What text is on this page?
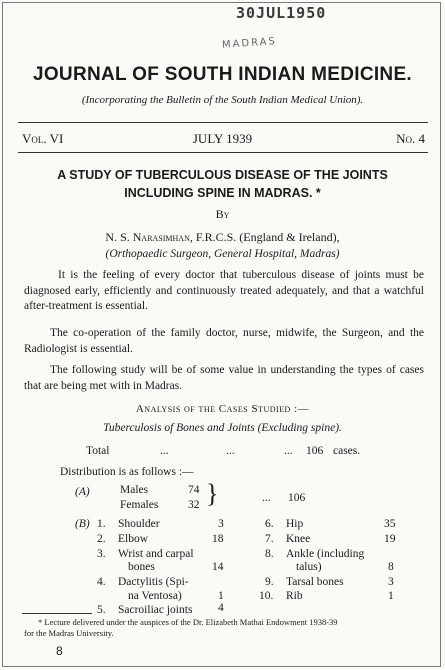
30JUL1950
MADRAS
JOURNAL OF SOUTH INDIAN MEDICINE.
(Incorporating the Bulletin of the South Indian Medical Union).
Vol. VI	JULY 1939	No. 4
A STUDY OF TUBERCULOUS DISEASE OF THE JOINTS
INCLUDING SPINE IN MADRAS. *
By
N. S. Narasimhan, F.R.C.S. (England & Ireland),
(Orthopaedic Surgeon, General Hospital, Madras)
It is the feeling of every doctor that tuberculous disease of joints must be diagnosed early, efficiently and continuously treated adequately, and that a watchful after-treatment is essential.
The co-operation of the family doctor, nurse, midwife, the Surgeon, and the Radiologist is essential.
The following study will be of some value in understanding the types of cases that are being met with in Madras.
Analysis of the Cases Studied :—
Tuberculosis of Bones and Joints (Excluding spine).
Total	...	...	... 106 cases.
Distribution is as follows :—
(A)	Males	74
Females	32 }	... 106
(B) 1. Shoulder	3
2. Elbow	18
3. Wrist and carpal
bones	14
4. Dactylitis (Spi-
na Ventosa)	1
5. Sacroiliac joints 4
6. Hip	35
7. Knee	19
8. Ankle (including
talus)	8
9. Tarsal bones	3
10. Rib	1
* Lecture delivered under the auspices of the Dr. Elizabeth Mathai Endowment 1938-39
for the Madras University.
8
